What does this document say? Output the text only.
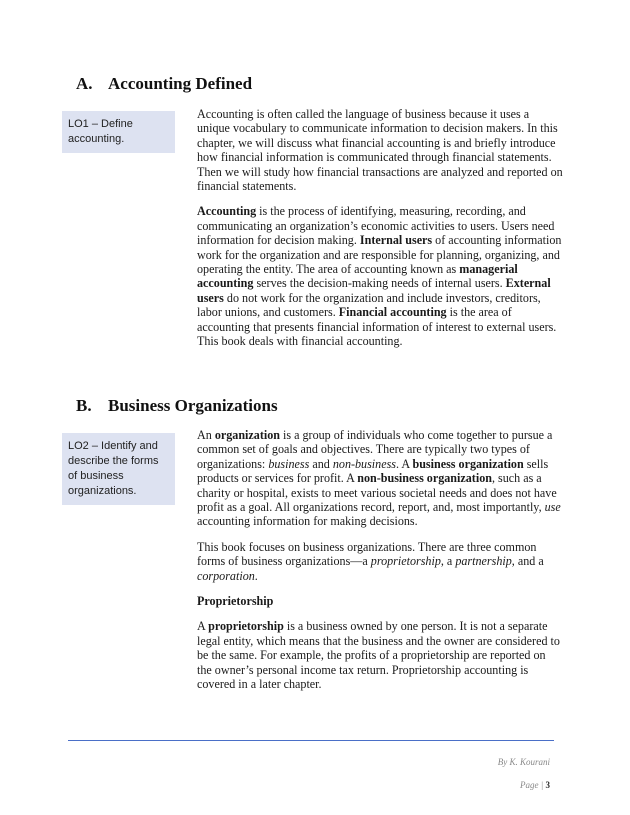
A. Accounting Defined
LO1 – Define accounting.

Accounting is often called the language of business because it uses a unique vocabulary to communicate information to decision makers. In this chapter, we will discuss what financial accounting is and briefly introduce how financial information is communicated through financial statements. Then we will study how financial transactions are analyzed and reported on financial statements.

Accounting is the process of identifying, measuring, recording, and communicating an organization’s economic activities to users. Users need information for decision making. Internal users of accounting information work for the organization and are responsible for planning, organizing, and operating the entity. The area of accounting known as managerial accounting serves the decision-making needs of internal users. External users do not work for the organization and include investors, creditors, labor unions, and customers. Financial accounting is the area of accounting that presents financial information of interest to external users. This book deals with financial accounting.

B. Business Organizations
LO2 – Identify and describe the forms of business organizations.

An organization is a group of individuals who come together to pursue a common set of goals and objectives. There are typically two types of organizations: business and non-business. A business organization sells products or services for profit. A non-business organization, such as a charity or hospital, exists to meet various societal needs and does not have profit as a goal. All organizations record, report, and, most importantly, use accounting information for making decisions.

This book focuses on business organizations. There are three common forms of business organizations—a proprietorship, a partnership, and a corporation.

Proprietorship

A proprietorship is a business owned by one person. It is not a separate legal entity, which means that the business and the owner are considered to be the same. For example, the profits of a proprietorship are reported on the owner’s personal income tax return. Proprietorship accounting is covered in a later chapter.

By K. Kourani
Page | 3
